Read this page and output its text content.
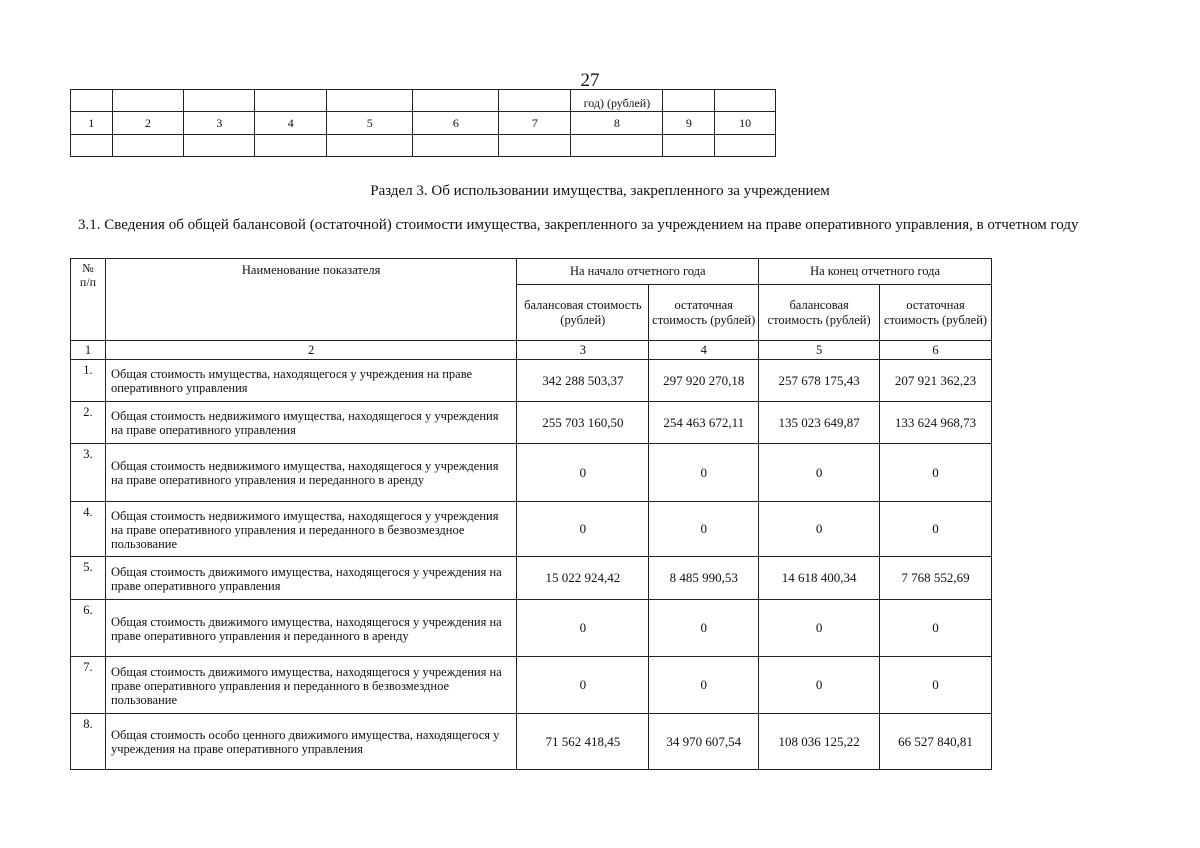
27
							год) (рублей)		
1	2	3	4	5	6	7	8	9	10

Раздел 3. Об использовании имущества, закрепленного за учреждением
3.1. Сведения об общей балансовой (остаточной) стоимости имущества, закрепленного за учреждением на праве оперативного управления, в отчетном году
№ п/п	Наименование показателя	На начало отчетного года		На конец отчетного года	
		балансовая стоимость (рублей)	остаточная стоимость (рублей)	балансовая стоимость (рублей)	остаточная стоимость (рублей)
1	2	3	4	5	6
1.	Общая стоимость имущества, находящегося у учреждения на праве оперативного управления	342 288 503,37	297 920 270,18	257 678 175,43	207 921 362,23
2.	Общая стоимость недвижимого имущества, находящегося у учреждения на праве оперативного управления	255 703 160,50	254 463 672,11	135 023 649,87	133 624 968,73
3.	Общая стоимость недвижимого имущества, находящегося у учреждения на праве оперативного управления и переданного в аренду	0	0	0	0
4.	Общая стоимость недвижимого имущества, находящегося у учреждения на праве оперативного управления и переданного в безвозмездное пользование	0	0	0	0
5.	Общая стоимость движимого имущества, находящегося у учреждения на праве оперативного управления	15 022 924,42	8 485 990,53	14 618 400,34	7 768 552,69
6.	Общая стоимость движимого имущества, находящегося у учреждения на праве оперативного управления и переданного в аренду	0	0	0	0
7.	Общая стоимость движимого имущества, находящегося у учреждения на праве оперативного управления и переданного в безвозмездное пользование	0	0	0	0
8.	Общая стоимость особо ценного движимого имущества, находящегося у учреждения на праве оперативного управления	71 562 418,45	34 970 607,54	108 036 125,22	66 527 840,81
